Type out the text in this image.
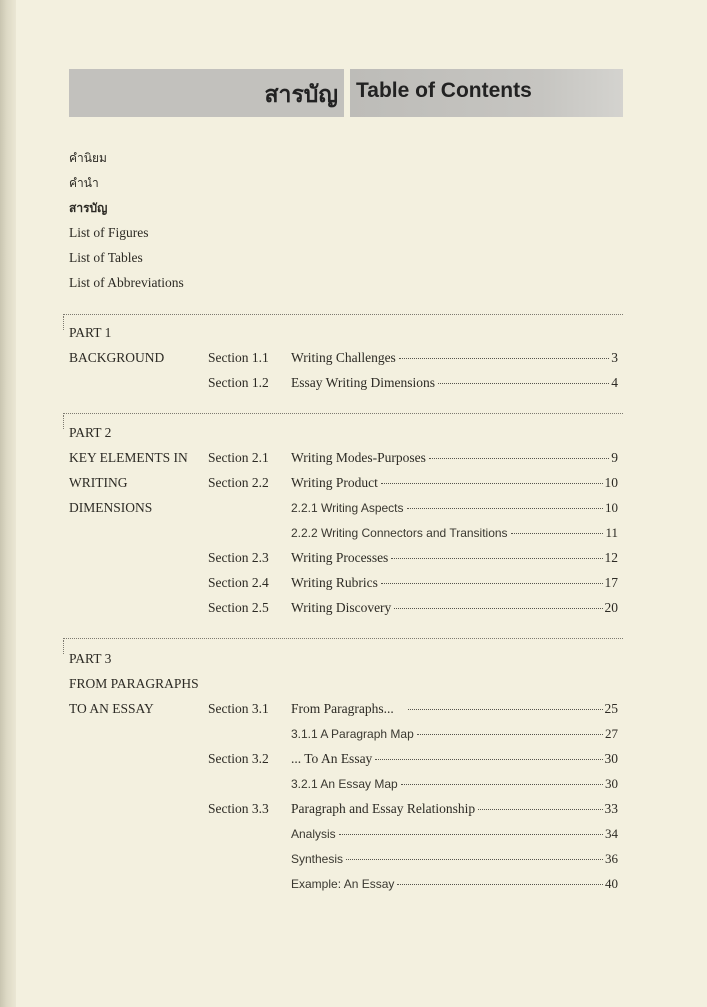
สารบัญ Table of Contents
คำนิยม
คำนำ
สารบัญ
List of Figures
List of Tables
List of Abbreviations
PART 1
BACKGROUND	Section 1.1 Writing Challenges	3
Section 1.2 Essay Writing Dimensions	4
PART 2
KEY ELEMENTS IN
WRITING
DIMENSIONS
Section 2.1 Writing Modes-Purposes	9
Section 2.2 Writing Product	10
2.2.1 Writing Aspects	10
2.2.2 Writing Connectors and Transitions	11
Section 2.3 Writing Processes	12
Section 2.4 Writing Rubrics	17
Section 2.5 Writing Discovery	20
PART 3
FROM PARAGRAPHS
TO AN ESSAY	Section 3.1 From Paragraphs...	25
3.1.1 A Paragraph Map	27
Section 3.2 ... To An Essay	30
3.2.1 An Essay Map	30
Section 3.3 Paragraph and Essay Relationship	33
Analysis	34
Synthesis	36
Example: An Essay	40
